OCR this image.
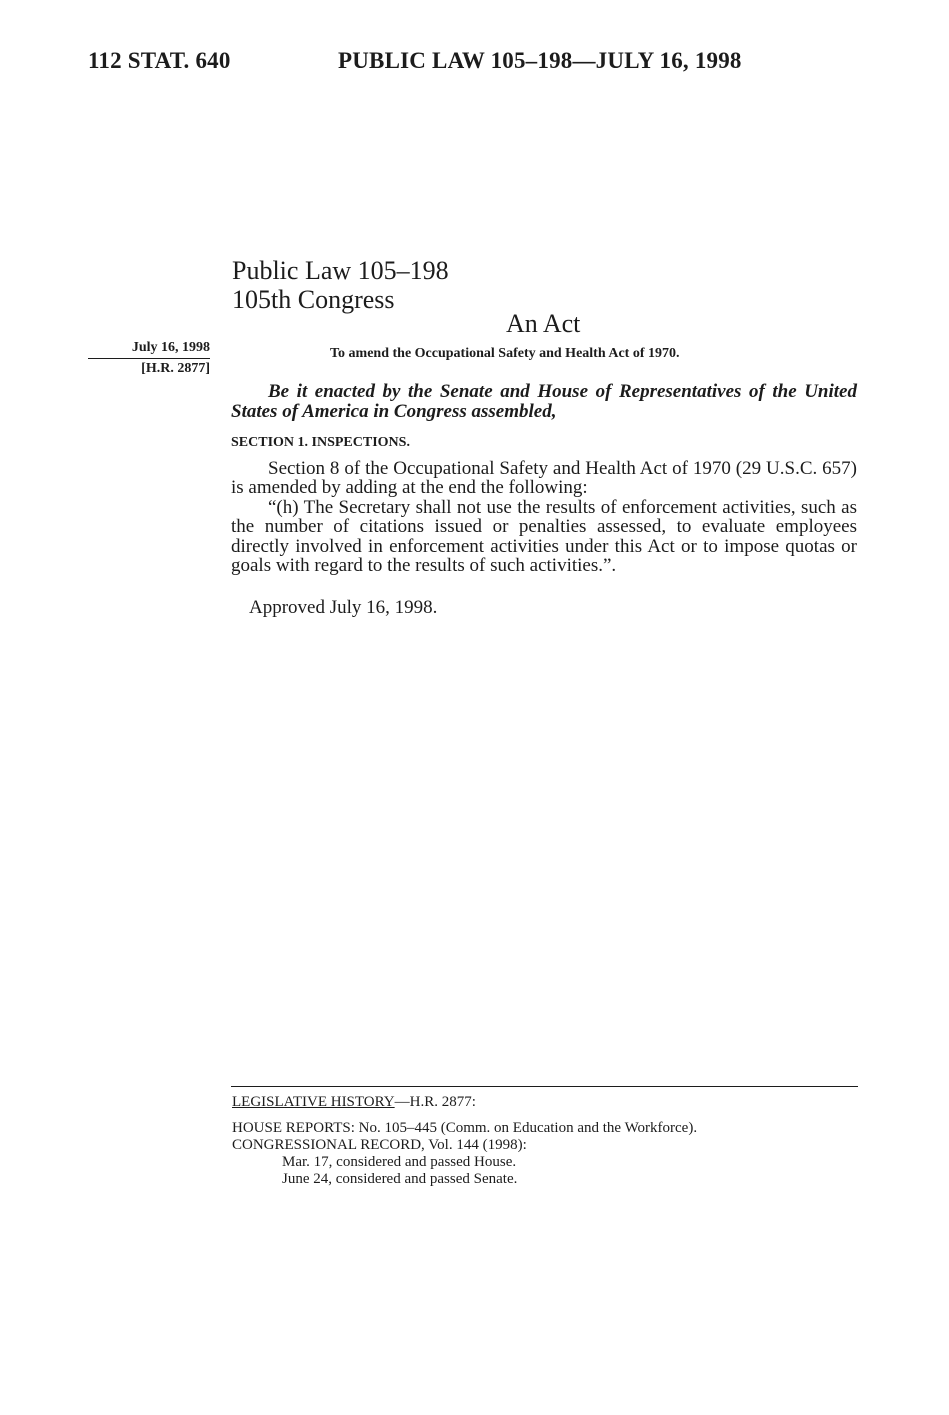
112 STAT. 640	PUBLIC LAW 105–198—JULY 16, 1998
Public Law 105–198
105th Congress
An Act
July 16, 1998
[H.R. 2877]
To amend the Occupational Safety and Health Act of 1970.

Be it enacted by the Senate and House of Representatives of the United States of America in Congress assembled,

SECTION 1. INSPECTIONS.

Section 8 of the Occupational Safety and Health Act of 1970 (29 U.S.C. 657) is amended by adding at the end the following:

“(h) The Secretary shall not use the results of enforcement activities, such as the number of citations issued or penalties assessed, to evaluate employees directly involved in enforcement activities under this Act or to impose quotas or goals with regard to the results of such activities.”.

Approved July 16, 1998.
LEGISLATIVE HISTORY—H.R. 2877:
HOUSE REPORTS: No. 105–445 (Comm. on Education and the Workforce).
CONGRESSIONAL RECORD, Vol. 144 (1998):
Mar. 17, considered and passed House.
June 24, considered and passed Senate.
